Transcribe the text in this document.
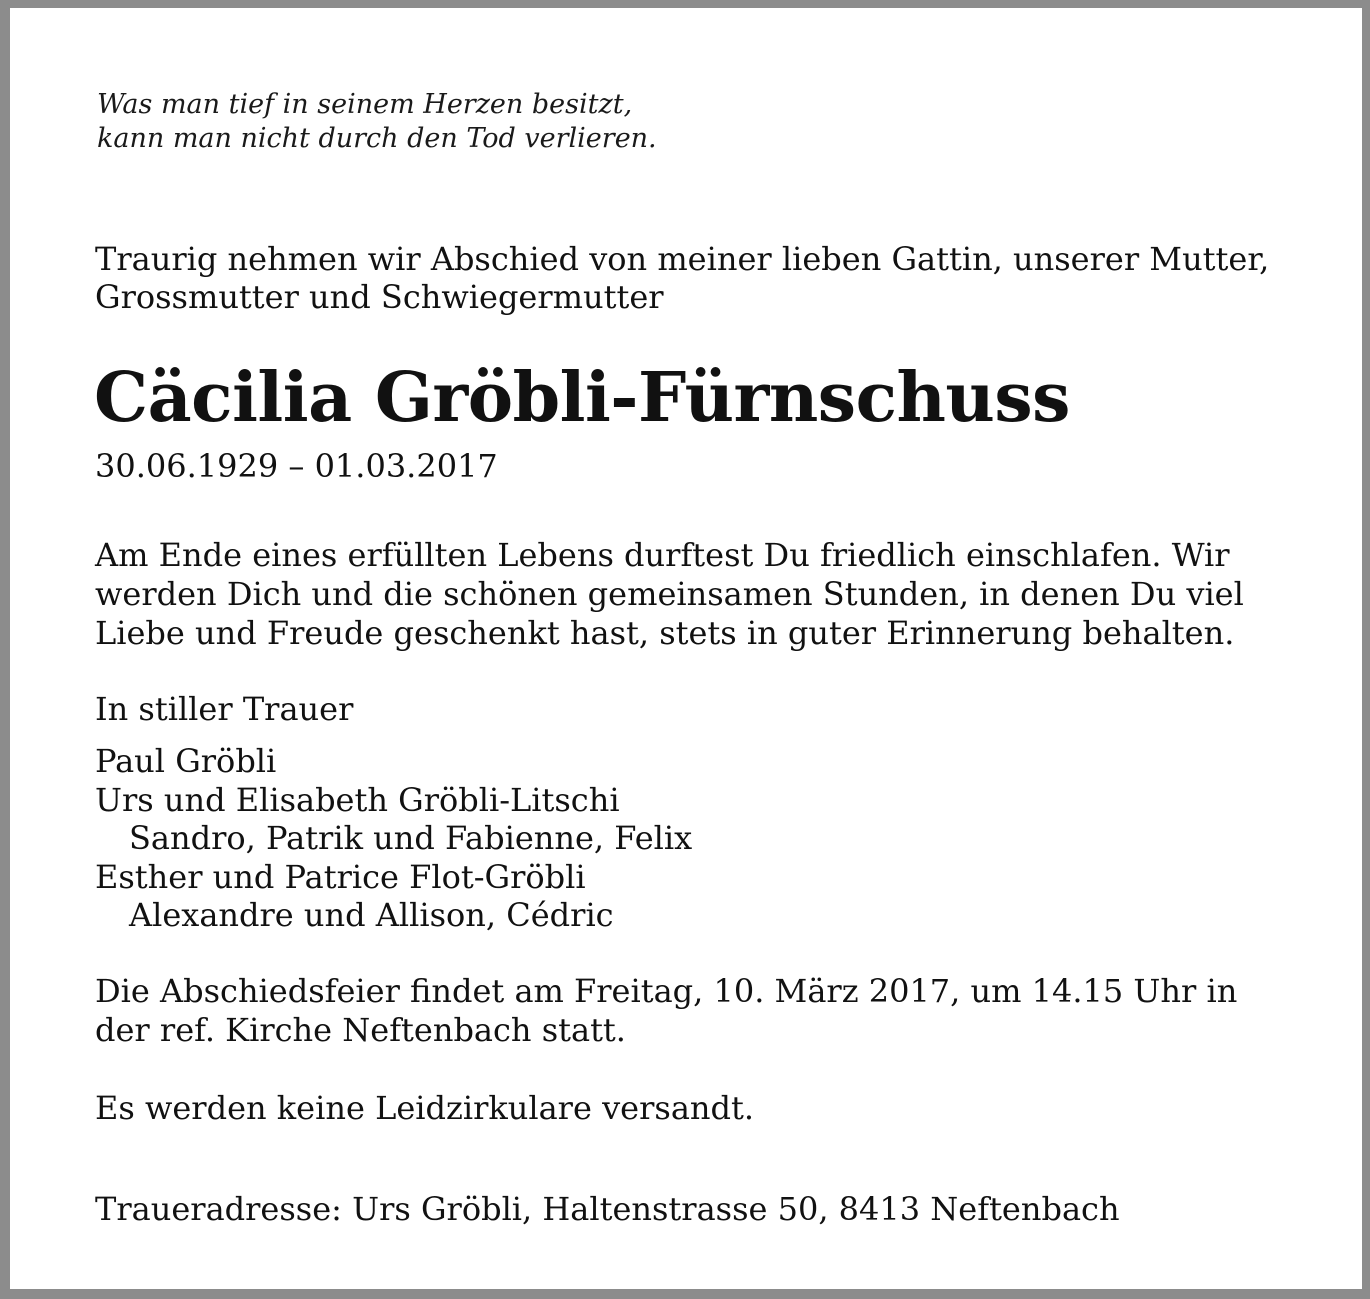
Was man tief in seinem Herzen besitzt,
kann man nicht durch den Tod verlieren.
Traurig nehmen wir Abschied von meiner lieben Gattin, unserer Mutter,
Grossmutter und Schwiegermutter
Cäcilia Gröbli-Fürnschuss
30.06.1929 – 01.03.2017
Am Ende eines erfüllten Lebens durftest Du friedlich einschlafen. Wir
werden Dich und die schönen gemeinsamen Stunden, in denen Du viel
Liebe und Freude geschenkt hast, stets in guter Erinnerung behalten.
In stiller Trauer
Paul Gröbli
Urs und Elisabeth Gröbli-Litschi
Sandro, Patrik und Fabienne, Felix
Esther und Patrice Flot-Gröbli
Alexandre und Allison, Cédric
Die Abschiedsfeier findet am Freitag, 10. März 2017, um 14.15 Uhr in
der ref. Kirche Neftenbach statt.
Es werden keine Leidzirkulare versandt.
Traueradresse: Urs Gröbli, Haltenstrasse 50, 8413 Neftenbach
